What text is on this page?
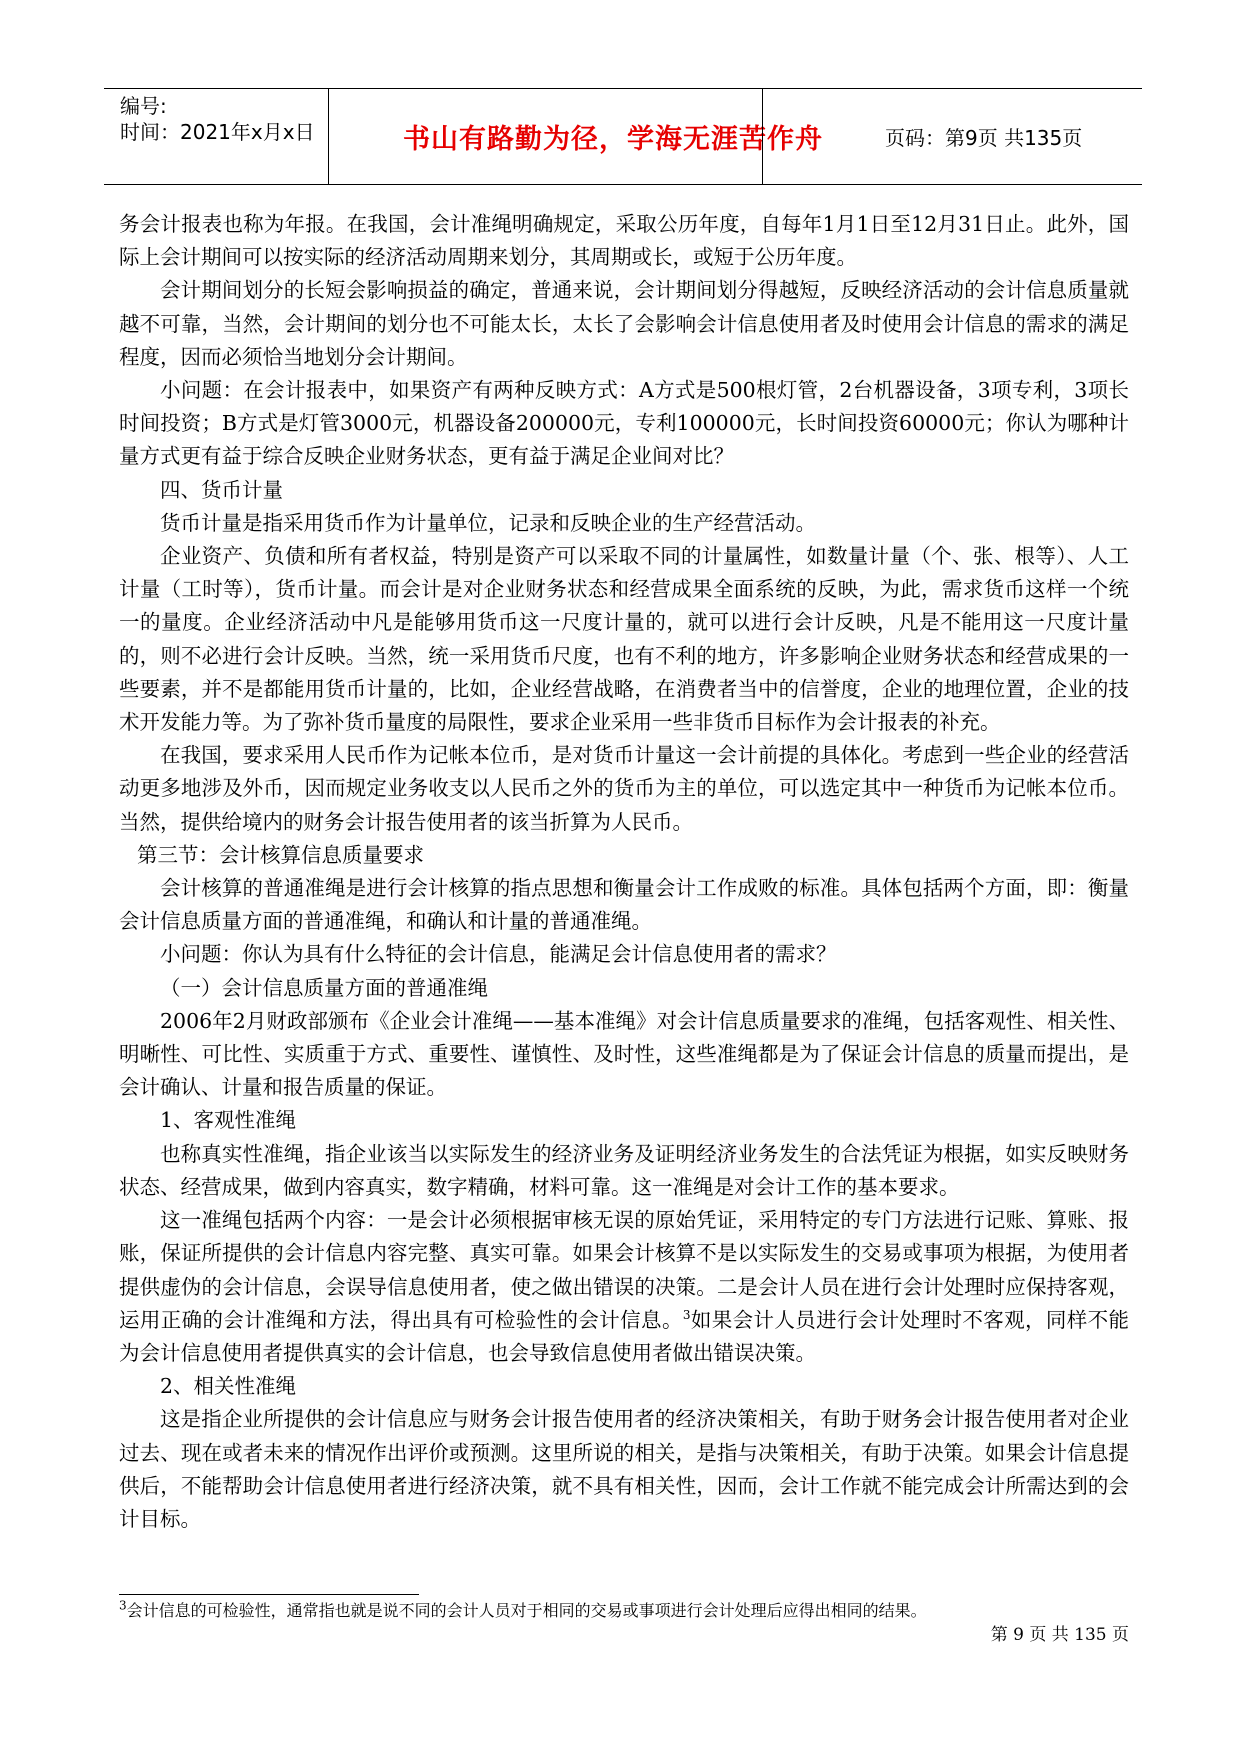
编号:
时间：2021年x月x日	书山有路勤为径，学海无涯苦作舟	页码：第9页 共135页

务会计报表也称为年报。在我国，会计准绳明确规定，采取公历年度，自每年1月1日至12月31日止。此外，国际上会计期间可以按实际的经济活动周期来划分，其周期或长，或短于公历年度。

会计期间划分的长短会影响损益的确定，普通来说，会计期间划分得越短，反映经济活动的会计信息质量就越不可靠，当然，会计期间的划分也不可能太长，太长了会影响会计信息使用者及时使用会计信息的需求的满足程度，因而必须恰当地划分会计期间。

小问题：在会计报表中，如果资产有两种反映方式：A方式是500根灯管，2台机器设备，3项专利，3项长时间投资；B方式是灯管3000元，机器设备200000元，专利100000元，长时间投资60000元；你认为哪种计量方式更有益于综合反映企业财务状态，更有益于满足企业间对比？

四、货币计量

货币计量是指采用货币作为计量单位，记录和反映企业的生产经营活动。

企业资产、负债和所有者权益，特别是资产可以采取不同的计量属性，如数量计量（个、张、根等）、人工计量（工时等），货币计量。而会计是对企业财务状态和经营成果全面系统的反映，为此，需求货币这样一个统一的量度。企业经济活动中凡是能够用货币这一尺度计量的，就可以进行会计反映，凡是不能用这一尺度计量的，则不必进行会计反映。当然，统一采用货币尺度，也有不利的地方，许多影响企业财务状态和经营成果的一些要素，并不是都能用货币计量的，比如，企业经营战略，在消费者当中的信誉度，企业的地理位置，企业的技术开发能力等。为了弥补货币量度的局限性，要求企业采用一些非货币目标作为会计报表的补充。

在我国，要求采用人民币作为记帐本位币，是对货币计量这一会计前提的具体化。考虑到一些企业的经营活动更多地涉及外币，因而规定业务收支以人民币之外的货币为主的单位，可以选定其中一种货币为记帐本位币。当然，提供给境内的财务会计报告使用者的该当折算为人民币。

第三节：会计核算信息质量要求

会计核算的普通准绳是进行会计核算的指点思想和衡量会计工作成败的标准。具体包括两个方面，即：衡量会计信息质量方面的普通准绳，和确认和计量的普通准绳。

小问题：你认为具有什么特征的会计信息，能满足会计信息使用者的需求？

（一）会计信息质量方面的普通准绳

2006年2月财政部颁布《企业会计准绳——基本准绳》对会计信息质量要求的准绳，包括客观性、相关性、明晰性、可比性、实质重于方式、重要性、谨慎性、及时性，这些准绳都是为了保证会计信息的质量而提出，是会计确认、计量和报告质量的保证。

1、客观性准绳

也称真实性准绳，指企业该当以实际发生的经济业务及证明经济业务发生的合法凭证为根据，如实反映财务状态、经营成果，做到内容真实，数字精确，材料可靠。这一准绳是对会计工作的基本要求。

这一准绳包括两个内容：一是会计必须根据审核无误的原始凭证，采用特定的专门方法进行记账、算账、报账，保证所提供的会计信息内容完整、真实可靠。如果会计核算不是以实际发生的交易或事项为根据，为使用者提供虚伪的会计信息，会误导信息使用者，使之做出错误的决策。二是会计人员在进行会计处理时应保持客观，运用正确的会计准绳和方法，得出具有可检验性的会计信息。$^3$如果会计人员进行会计处理时不客观，同样不能为会计信息使用者提供真实的会计信息，也会导致信息使用者做出错误决策。

2、相关性准绳

这是指企业所提供的会计信息应与财务会计报告使用者的经济决策相关，有助于财务会计报告使用者对企业过去、现在或者未来的情况作出评价或预测。这里所说的相关，是指与决策相关，有助于决策。如果会计信息提供后，不能帮助会计信息使用者进行经济决策，就不具有相关性，因而，会计工作就不能完成会计所需达到的会计目标。

$^3$会计信息的可检验性，通常指也就是说不同的会计人员对于相同的交易或事项进行会计处理后应得出相同的结果。
第 9 页 共 135 页
